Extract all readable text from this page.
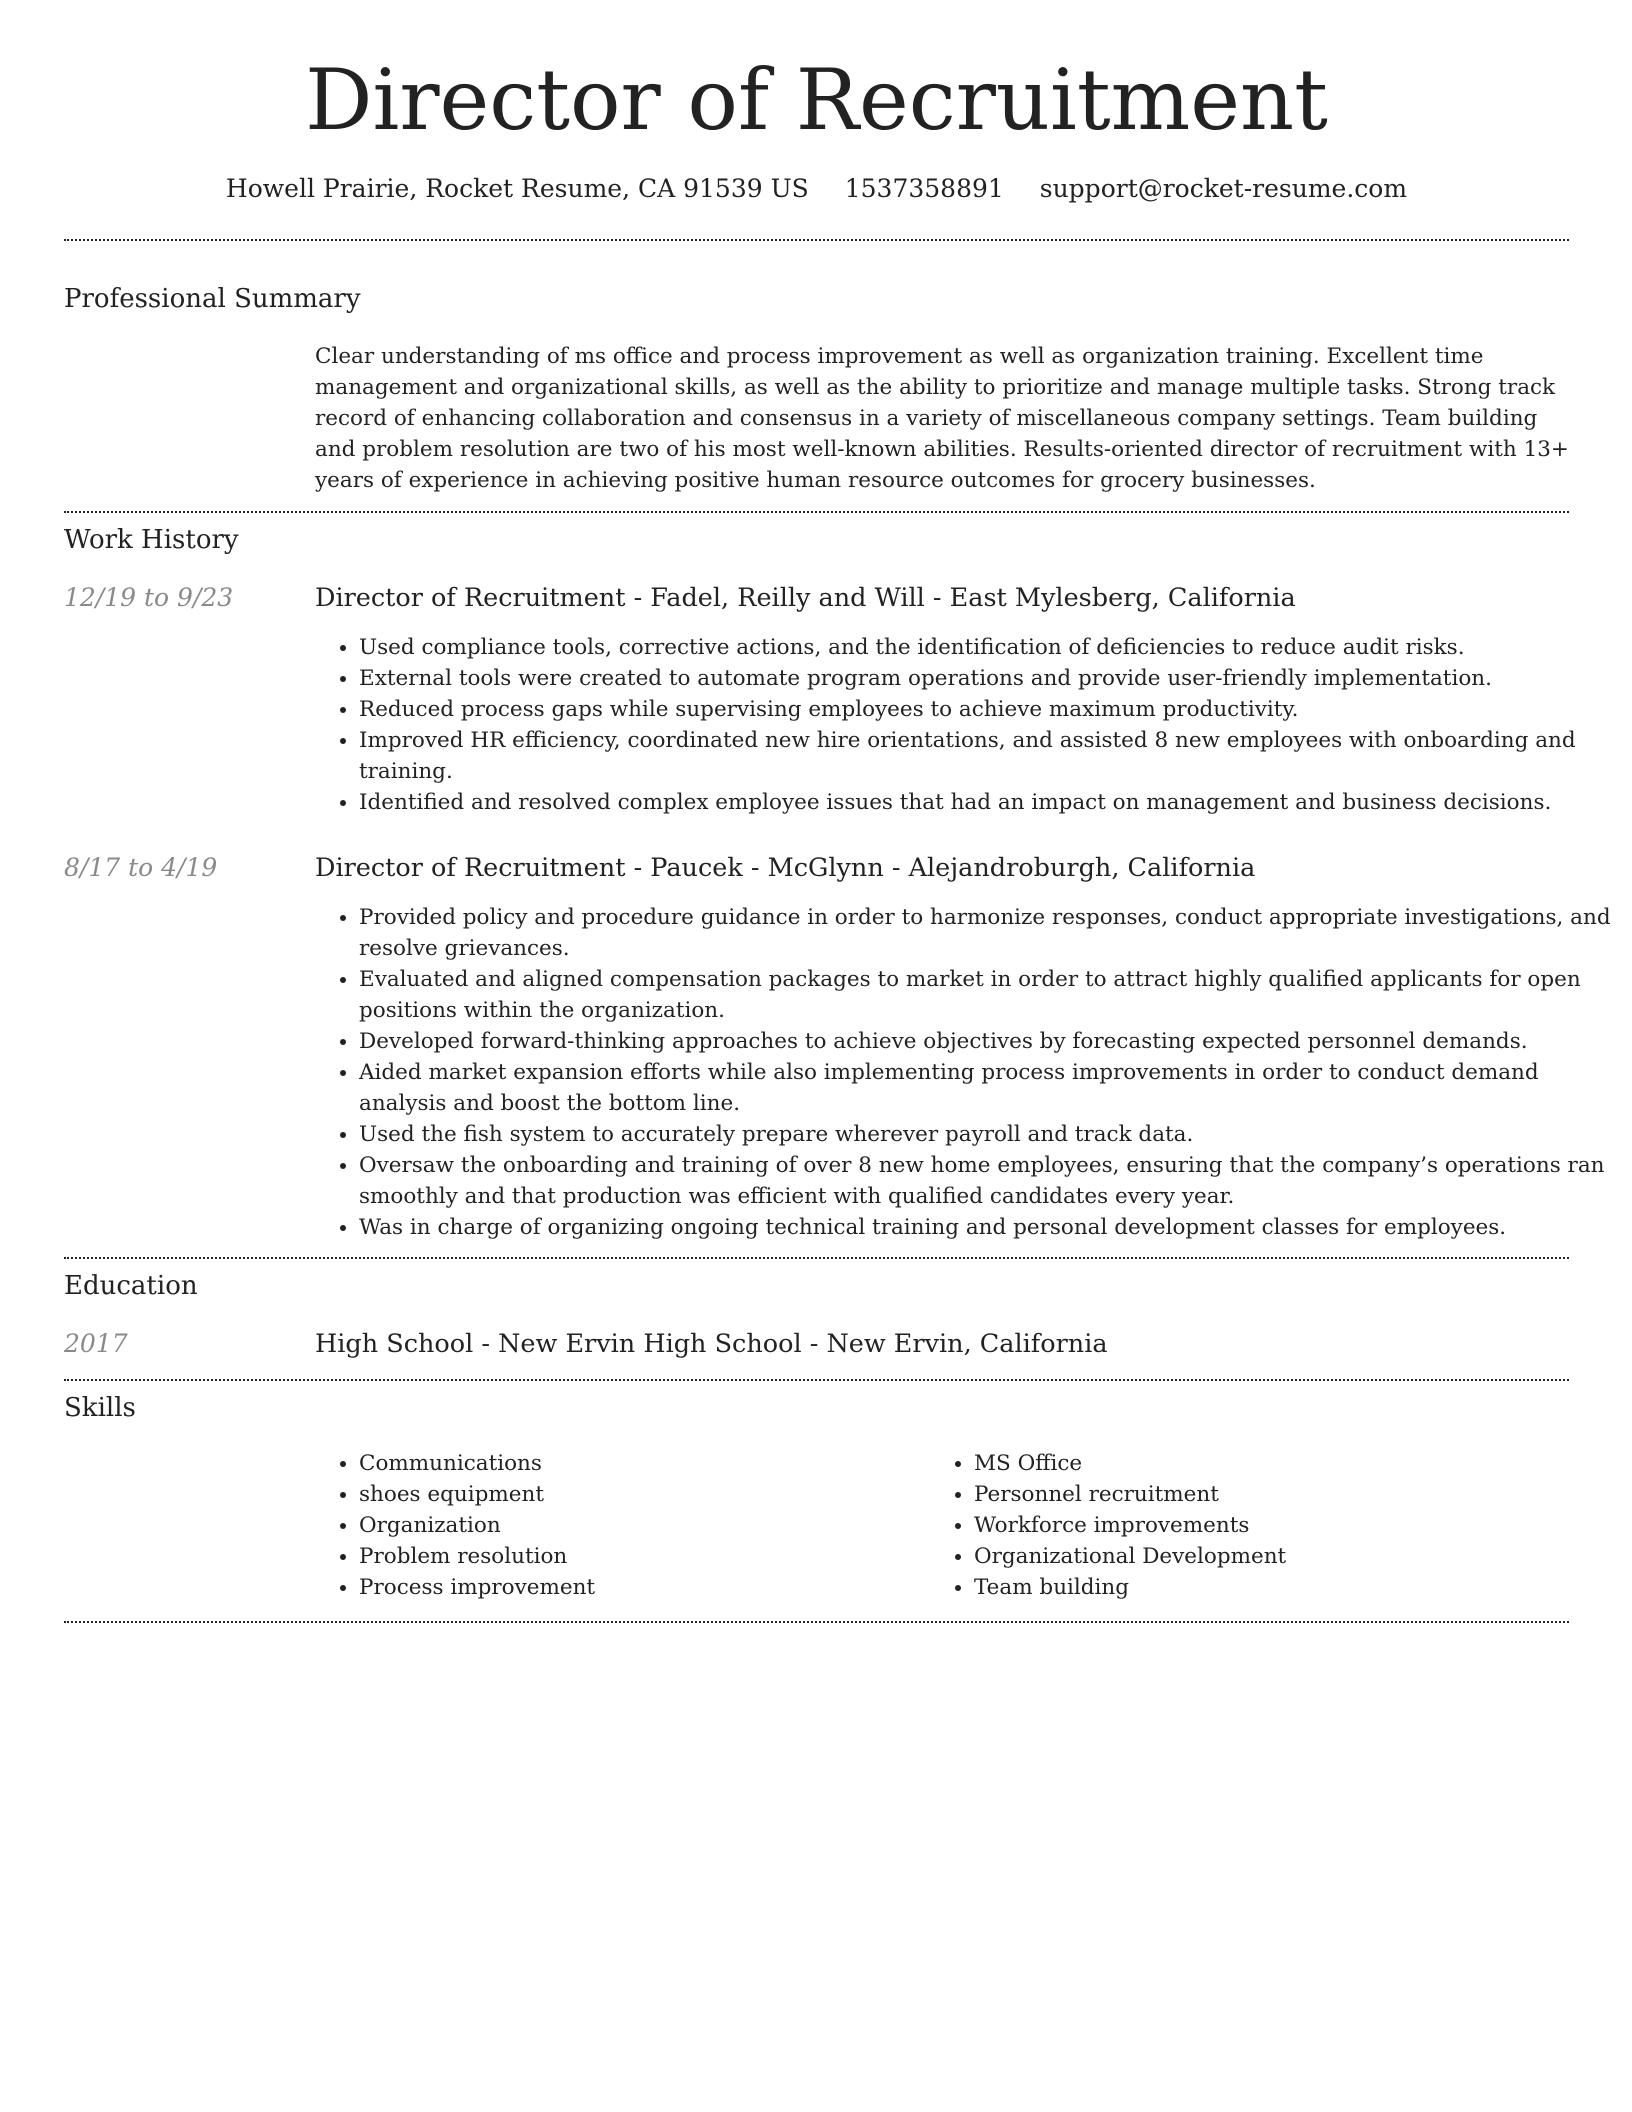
Director of Recruitment
Howell Prairie, Rocket Resume, CA 91539 US 1537358891 support@rocket-resume.com
Professional Summary
Clear understanding of ms office and process improvement as well as organization training. Excellent time management and organizational skills, as well as the ability to prioritize and manage multiple tasks. Strong track record of enhancing collaboration and consensus in a variety of miscellaneous company settings. Team building and problem resolution are two of his most well-known abilities. Results-oriented director of recruitment with 13+ years of experience in achieving positive human resource outcomes for grocery businesses.
Work History
12/19 to 9/23	Director of Recruitment - Fadel, Reilly and Will - East Mylesberg, California
• Used compliance tools, corrective actions, and the identification of deficiencies to reduce audit risks.
• External tools were created to automate program operations and provide user-friendly implementation.
• Reduced process gaps while supervising employees to achieve maximum productivity.
• Improved HR efficiency, coordinated new hire orientations, and assisted 8 new employees with onboarding and training.
• Identified and resolved complex employee issues that had an impact on management and business decisions.
8/17 to 4/19	Director of Recruitment - Paucek - McGlynn - Alejandroburgh, California
• Provided policy and procedure guidance in order to harmonize responses, conduct appropriate investigations, and resolve grievances.
• Evaluated and aligned compensation packages to market in order to attract highly qualified applicants for open positions within the organization.
• Developed forward-thinking approaches to achieve objectives by forecasting expected personnel demands.
• Aided market expansion efforts while also implementing process improvements in order to conduct demand analysis and boost the bottom line.
• Used the fish system to accurately prepare wherever payroll and track data.
• Oversaw the onboarding and training of over 8 new home employees, ensuring that the company’s operations ran smoothly and that production was efficient with qualified candidates every year.
• Was in charge of organizing ongoing technical training and personal development classes for employees.
Education
2017	High School - New Ervin High School - New Ervin, California
Skills
• Communications
• shoes equipment
• Organization
• Problem resolution
• Process improvement
• MS Office
• Personnel recruitment
• Workforce improvements
• Organizational Development
• Team building
